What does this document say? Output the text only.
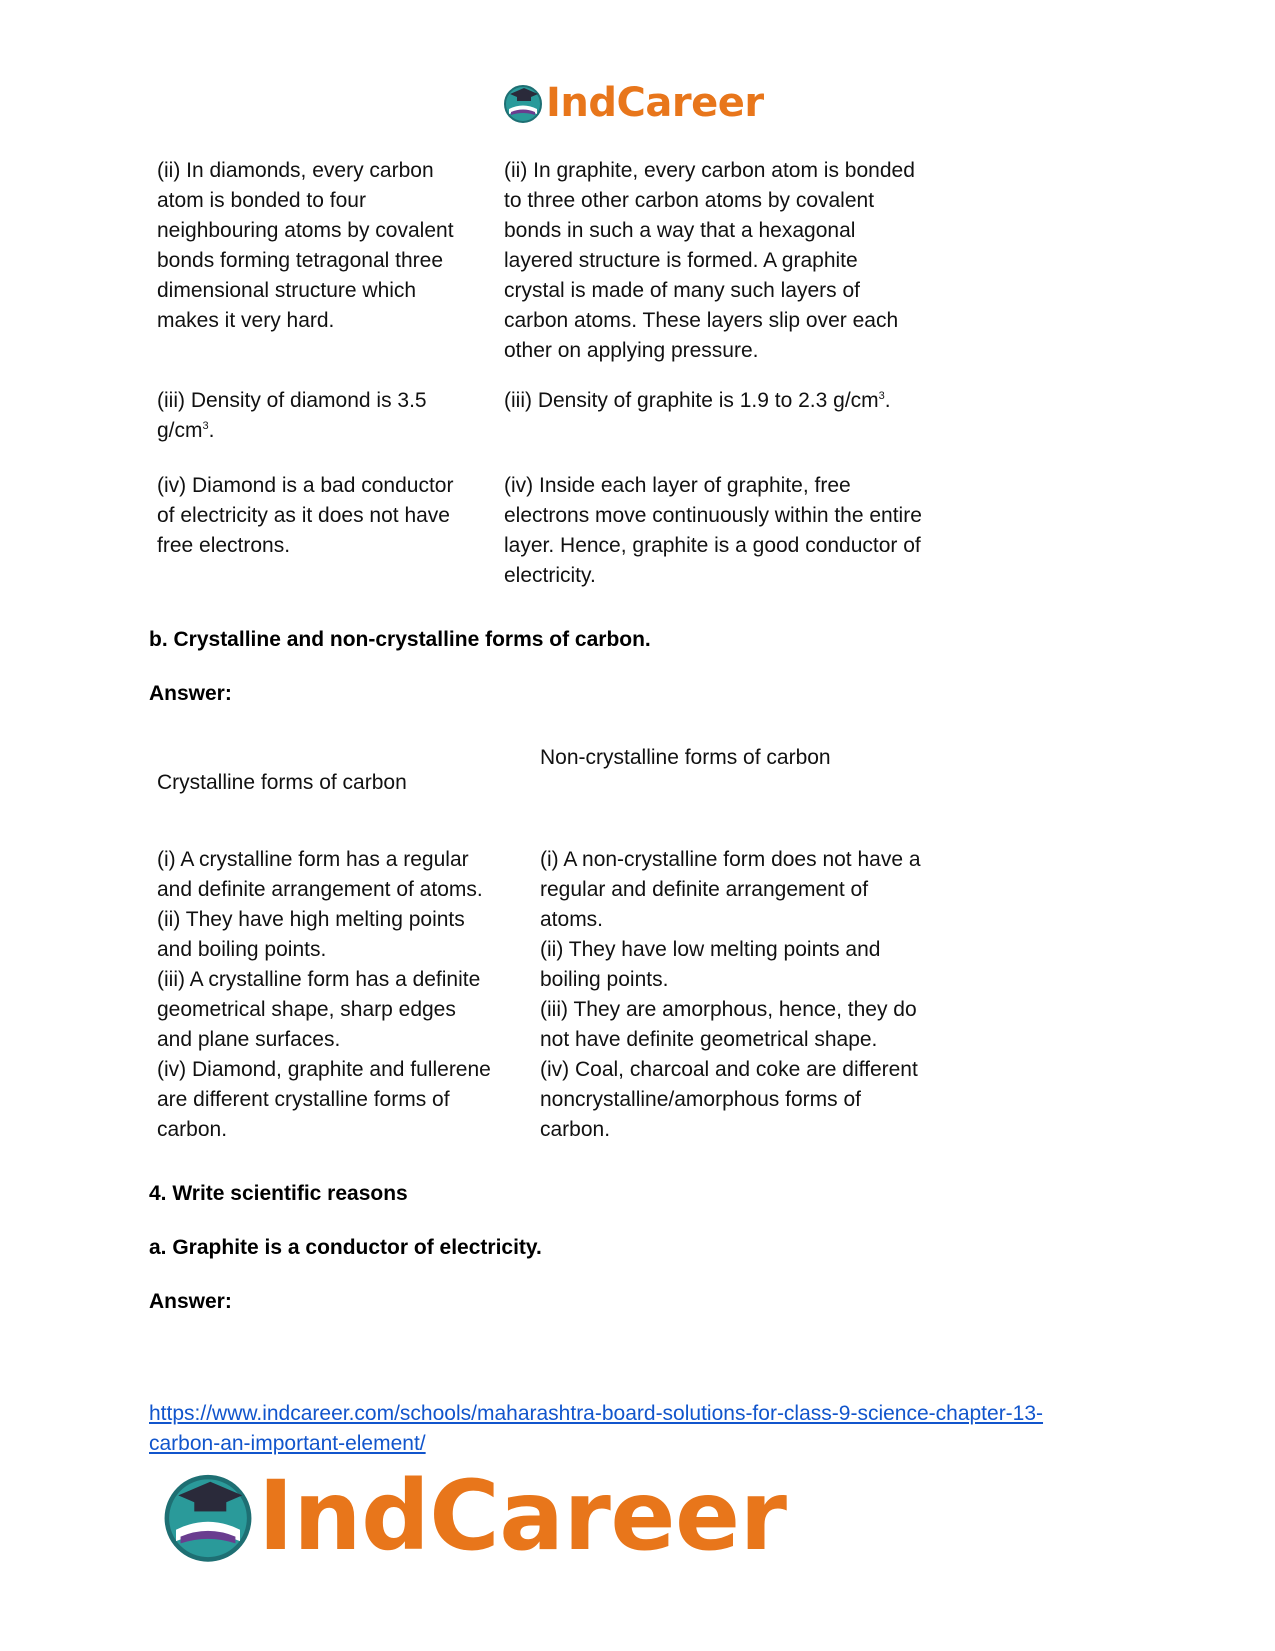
IndCareer
(ii) In diamonds, every carbon
atom is bonded to four
neighbouring atoms by covalent
bonds forming tetragonal three
dimensional structure which
makes it very hard.
(ii) In graphite, every carbon atom is bonded
to three other carbon atoms by covalent
bonds in such a way that a hexagonal
layered structure is formed. A graphite
crystal is made of many such layers of
carbon atoms. These layers slip over each
other on applying pressure.
(iii) Density of diamond is 3.5
$g/cm^3$.
(iii) Density of graphite is 1.9 to 2.3 $g/cm^3$.
(iv) Diamond is a bad conductor
of electricity as it does not have
free electrons.
(iv) Inside each layer of graphite, free
electrons move continuously within the entire
layer. Hence, graphite is a good conductor of
electricity.
b. Crystalline and non-crystalline forms of carbon.
Answer:
Crystalline forms of carbon
Non-crystalline forms of carbon
(i) A crystalline form has a regular
and definite arrangement of atoms.
(ii) They have high melting points
and boiling points.
(iii) A crystalline form has a definite
geometrical shape, sharp edges
and plane surfaces.
(iv) Diamond, graphite and fullerene
are different crystalline forms of
carbon.
(i) A non-crystalline form does not have a
regular and definite arrangement of
atoms.
(ii) They have low melting points and
boiling points.
(iii) They are amorphous, hence, they do
not have definite geometrical shape.
(iv) Coal, charcoal and coke are different
noncrystalline/amorphous forms of
carbon.
4. Write scientific reasons
a. Graphite is a conductor of electricity.
Answer:
https://www.indcareer.com/schools/maharashtra-board-solutions-for-class-9-science-chapter-13-
carbon-an-important-element/
IndCareer
